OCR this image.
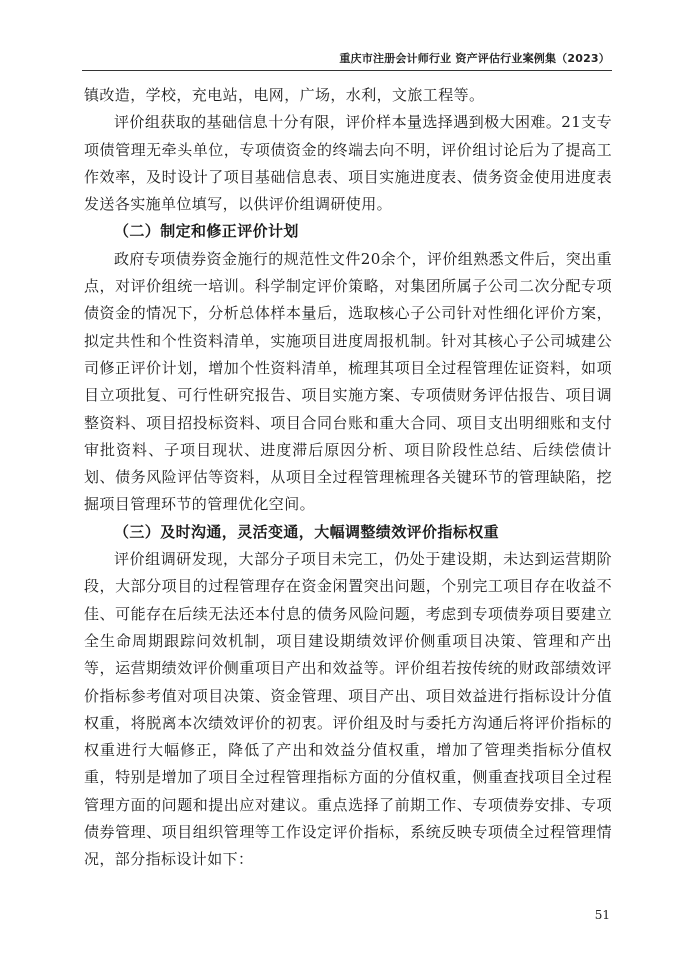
重庆市注册会计师行业 资产评估行业案例集（2023）

镇改造，学校，充电站，电网，广场，水利，文旅工程等。

评价组获取的基础信息十分有限，评价样本量选择遇到极大困难。21支专项债管理无牵头单位，专项债资金的终端去向不明，评价组讨论后为了提高工作效率，及时设计了项目基础信息表、项目实施进度表、债务资金使用进度表发送各实施单位填写，以供评价组调研使用。

（二）制定和修正评价计划

政府专项债券资金施行的规范性文件20余个，评价组熟悉文件后，突出重点，对评价组统一培训。科学制定评价策略，对集团所属子公司二次分配专项债资金的情况下，分析总体样本量后，选取核心子公司针对性细化评价方案，拟定共性和个性资料清单，实施项目进度周报机制。针对其核心子公司城建公司修正评价计划，增加个性资料清单，梳理其项目全过程管理佐证资料，如项目立项批复、可行性研究报告、项目实施方案、专项债财务评估报告、项目调整资料、项目招投标资料、项目合同台账和重大合同、项目支出明细账和支付审批资料、子项目现状、进度滞后原因分析、项目阶段性总结、后续偿债计划、债务风险评估等资料，从项目全过程管理梳理各关键环节的管理缺陷，挖掘项目管理环节的管理优化空间。

（三）及时沟通，灵活变通，大幅调整绩效评价指标权重

评价组调研发现，大部分子项目未完工，仍处于建设期，未达到运营期阶段，大部分项目的过程管理存在资金闲置突出问题，个别完工项目存在收益不佳、可能存在后续无法还本付息的债务风险问题，考虑到专项债券项目要建立全生命周期跟踪问效机制，项目建设期绩效评价侧重项目决策、管理和产出等，运营期绩效评价侧重项目产出和效益等。评价组若按传统的财政部绩效评价指标参考值对项目决策、资金管理、项目产出、项目效益进行指标设计分值权重，将脱离本次绩效评价的初衷。评价组及时与委托方沟通后将评价指标的权重进行大幅修正，降低了产出和效益分值权重，增加了管理类指标分值权重，特别是增加了项目全过程管理指标方面的分值权重，侧重查找项目全过程管理方面的问题和提出应对建议。重点选择了前期工作、专项债券安排、专项债券管理、项目组织管理等工作设定评价指标，系统反映专项债全过程管理情况，部分指标设计如下：

51
